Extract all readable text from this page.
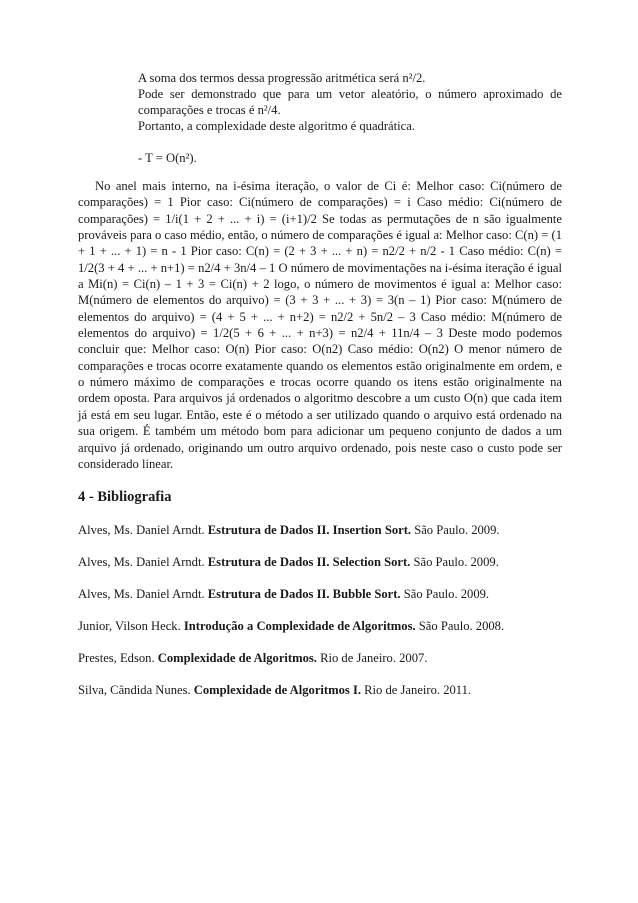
A soma dos termos dessa progressão aritmética será n²/2.

Pode ser demonstrado que para um vetor aleatório, o número aproximado de comparações e trocas é n²/4.

Portanto, a complexidade deste algoritmo é quadrática.

- T = O(n²).

No anel mais interno, na i-ésima iteração, o valor de Ci é: Melhor caso: Ci(número de comparações) = 1 Pior caso: Ci(número de comparações) = i Caso médio: Ci(número de comparações) = 1/i(1 + 2 + ... + i) = (i+1)/2 Se todas as permutações de n são igualmente prováveis para o caso médio, então, o número de comparações é igual a: Melhor caso: C(n) = (1 + 1 + ... + 1) = n - 1 Pior caso: C(n) = (2 + 3 + ... + n) = n2/2 + n/2 - 1 Caso médio: C(n) = 1/2(3 + 4 + ... + n+1) = n2/4 + 3n/4 – 1 O número de movimentações na i-ésima iteração é igual a Mi(n) = Ci(n) – 1 + 3 = Ci(n) + 2 logo, o número de movimentos é igual a: Melhor caso: M(número de elementos do arquivo) = (3 + 3 + ... + 3) = 3(n – 1) Pior caso: M(número de elementos do arquivo) = (4 + 5 + ... + n+2) = n2/2 + 5n/2 – 3 Caso médio: M(número de elementos do arquivo) = 1/2(5 + 6 + ... + n+3) = n2/4 + 11n/4 – 3 Deste modo podemos concluir que: Melhor caso: O(n) Pior caso: O(n2) Caso médio: O(n2) O menor número de comparações e trocas ocorre exatamente quando os elementos estão originalmente em ordem, e o número máximo de comparações e trocas ocorre quando os itens estão originalmente na ordem oposta. Para arquivos já ordenados o algoritmo descobre a um custo O(n) que cada item já está em seu lugar. Então, este é o método a ser utilizado quando o arquivo está ordenado na sua origem. É também um método bom para adicionar um pequeno conjunto de dados a um arquivo já ordenado, originando um outro arquivo ordenado, pois neste caso o custo pode ser considerado linear.

4 - Bibliografia
Alves, Ms. Daniel Arndt. Estrutura de Dados II. Insertion Sort. São Paulo. 2009.
Alves, Ms. Daniel Arndt. Estrutura de Dados II. Selection Sort. São Paulo. 2009.
Alves, Ms. Daniel Arndt. Estrutura de Dados II. Bubble Sort. São Paulo. 2009.
Junior, Vilson Heck. Introdução a Complexidade de Algoritmos. São Paulo. 2008.
Prestes, Edson. Complexidade de Algoritmos. Rio de Janeiro. 2007.
Silva, Cândida Nunes. Complexidade de Algoritmos I. Rio de Janeiro. 2011.
